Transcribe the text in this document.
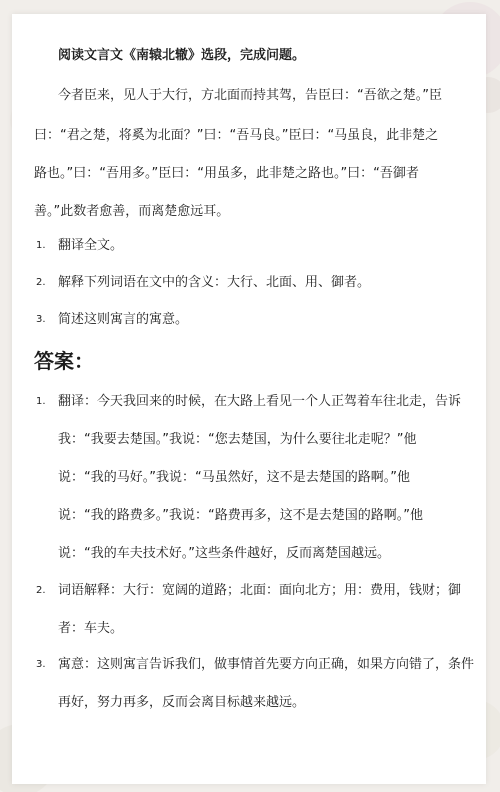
阅读文言文《南辕北辙》选段，完成问题。
今者臣来，见人于大行，方北面而持其驾，告臣曰：“吾欲之楚。”臣
曰：“君之楚，将奚为北面？”曰：“吾马良。”臣曰：“马虽良，此非楚之
路也。”曰：“吾用多。”臣曰：“用虽多，此非楚之路也。”曰：“吾御者
善。”此数者愈善，而离楚愈远耳。
1. 翻译全文。
2. 解释下列词语在文中的含义：大行、北面、用、御者。
3. 简述这则寓言的寓意。
答案：
1. 翻译：今天我回来的时候，在大路上看见一个人正驾着车往北走，告诉
我：“我要去楚国。”我说：“您去楚国，为什么要往北走呢？”他
说：“我的马好。”我说：“马虽然好，这不是去楚国的路啊。”他
说：“我的路费多。”我说：“路费再多，这不是去楚国的路啊。”他
说：“我的车夫技术好。”这些条件越好，反而离楚国越远。
2. 词语解释：大行：宽阔的道路；北面：面向北方；用：费用，钱财；御
者：车夫。
3. 寓意：这则寓言告诉我们，做事情首先要方向正确，如果方向错了，条件
再好，努力再多，反而会离目标越来越远。
